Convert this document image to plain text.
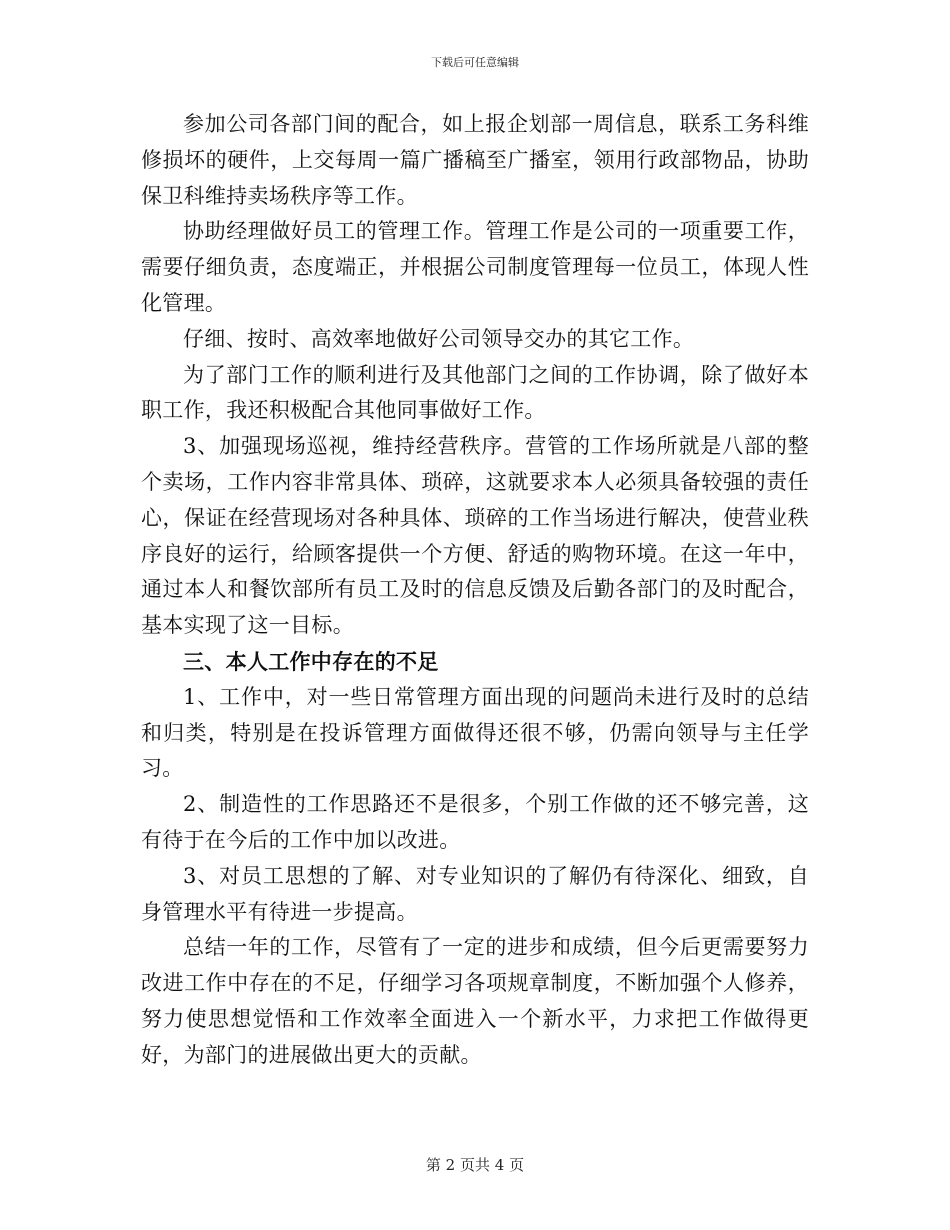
下载后可任意编辑

参加公司各部门间的配合，如上报企划部一周信息，联系工务科维修损坏的硬件，上交每周一篇广播稿至广播室，领用行政部物品，协助保卫科维持卖场秩序等工作。

协助经理做好员工的管理工作。管理工作是公司的一项重要工作，需要仔细负责，态度端正，并根据公司制度管理每一位员工，体现人性化管理。

仔细、按时、高效率地做好公司领导交办的其它工作。

为了部门工作的顺利进行及其他部门之间的工作协调，除了做好本职工作，我还积极配合其他同事做好工作。

3、加强现场巡视，维持经营秩序。营管的工作场所就是八部的整个卖场，工作内容非常具体、琐碎，这就要求本人必须具备较强的责任心，保证在经营现场对各种具体、琐碎的工作当场进行解决，使营业秩序良好的运行，给顾客提供一个方便、舒适的购物环境。在这一年中，通过本人和餐饮部所有员工及时的信息反馈及后勤各部门的及时配合，基本实现了这一目标。

三、本人工作中存在的不足

1、工作中，对一些日常管理方面出现的问题尚未进行及时的总结和归类，特别是在投诉管理方面做得还很不够，仍需向领导与主任学习。

2、制造性的工作思路还不是很多，个别工作做的还不够完善，这有待于在今后的工作中加以改进。

3、对员工思想的了解、对专业知识的了解仍有待深化、细致，自身管理水平有待进一步提高。

总结一年的工作，尽管有了一定的进步和成绩，但今后更需要努力改进工作中存在的不足，仔细学习各项规章制度，不断加强个人修养，努力使思想觉悟和工作效率全面进入一个新水平，力求把工作做得更好，为部门的进展做出更大的贡献。

第 2 页共 4 页
